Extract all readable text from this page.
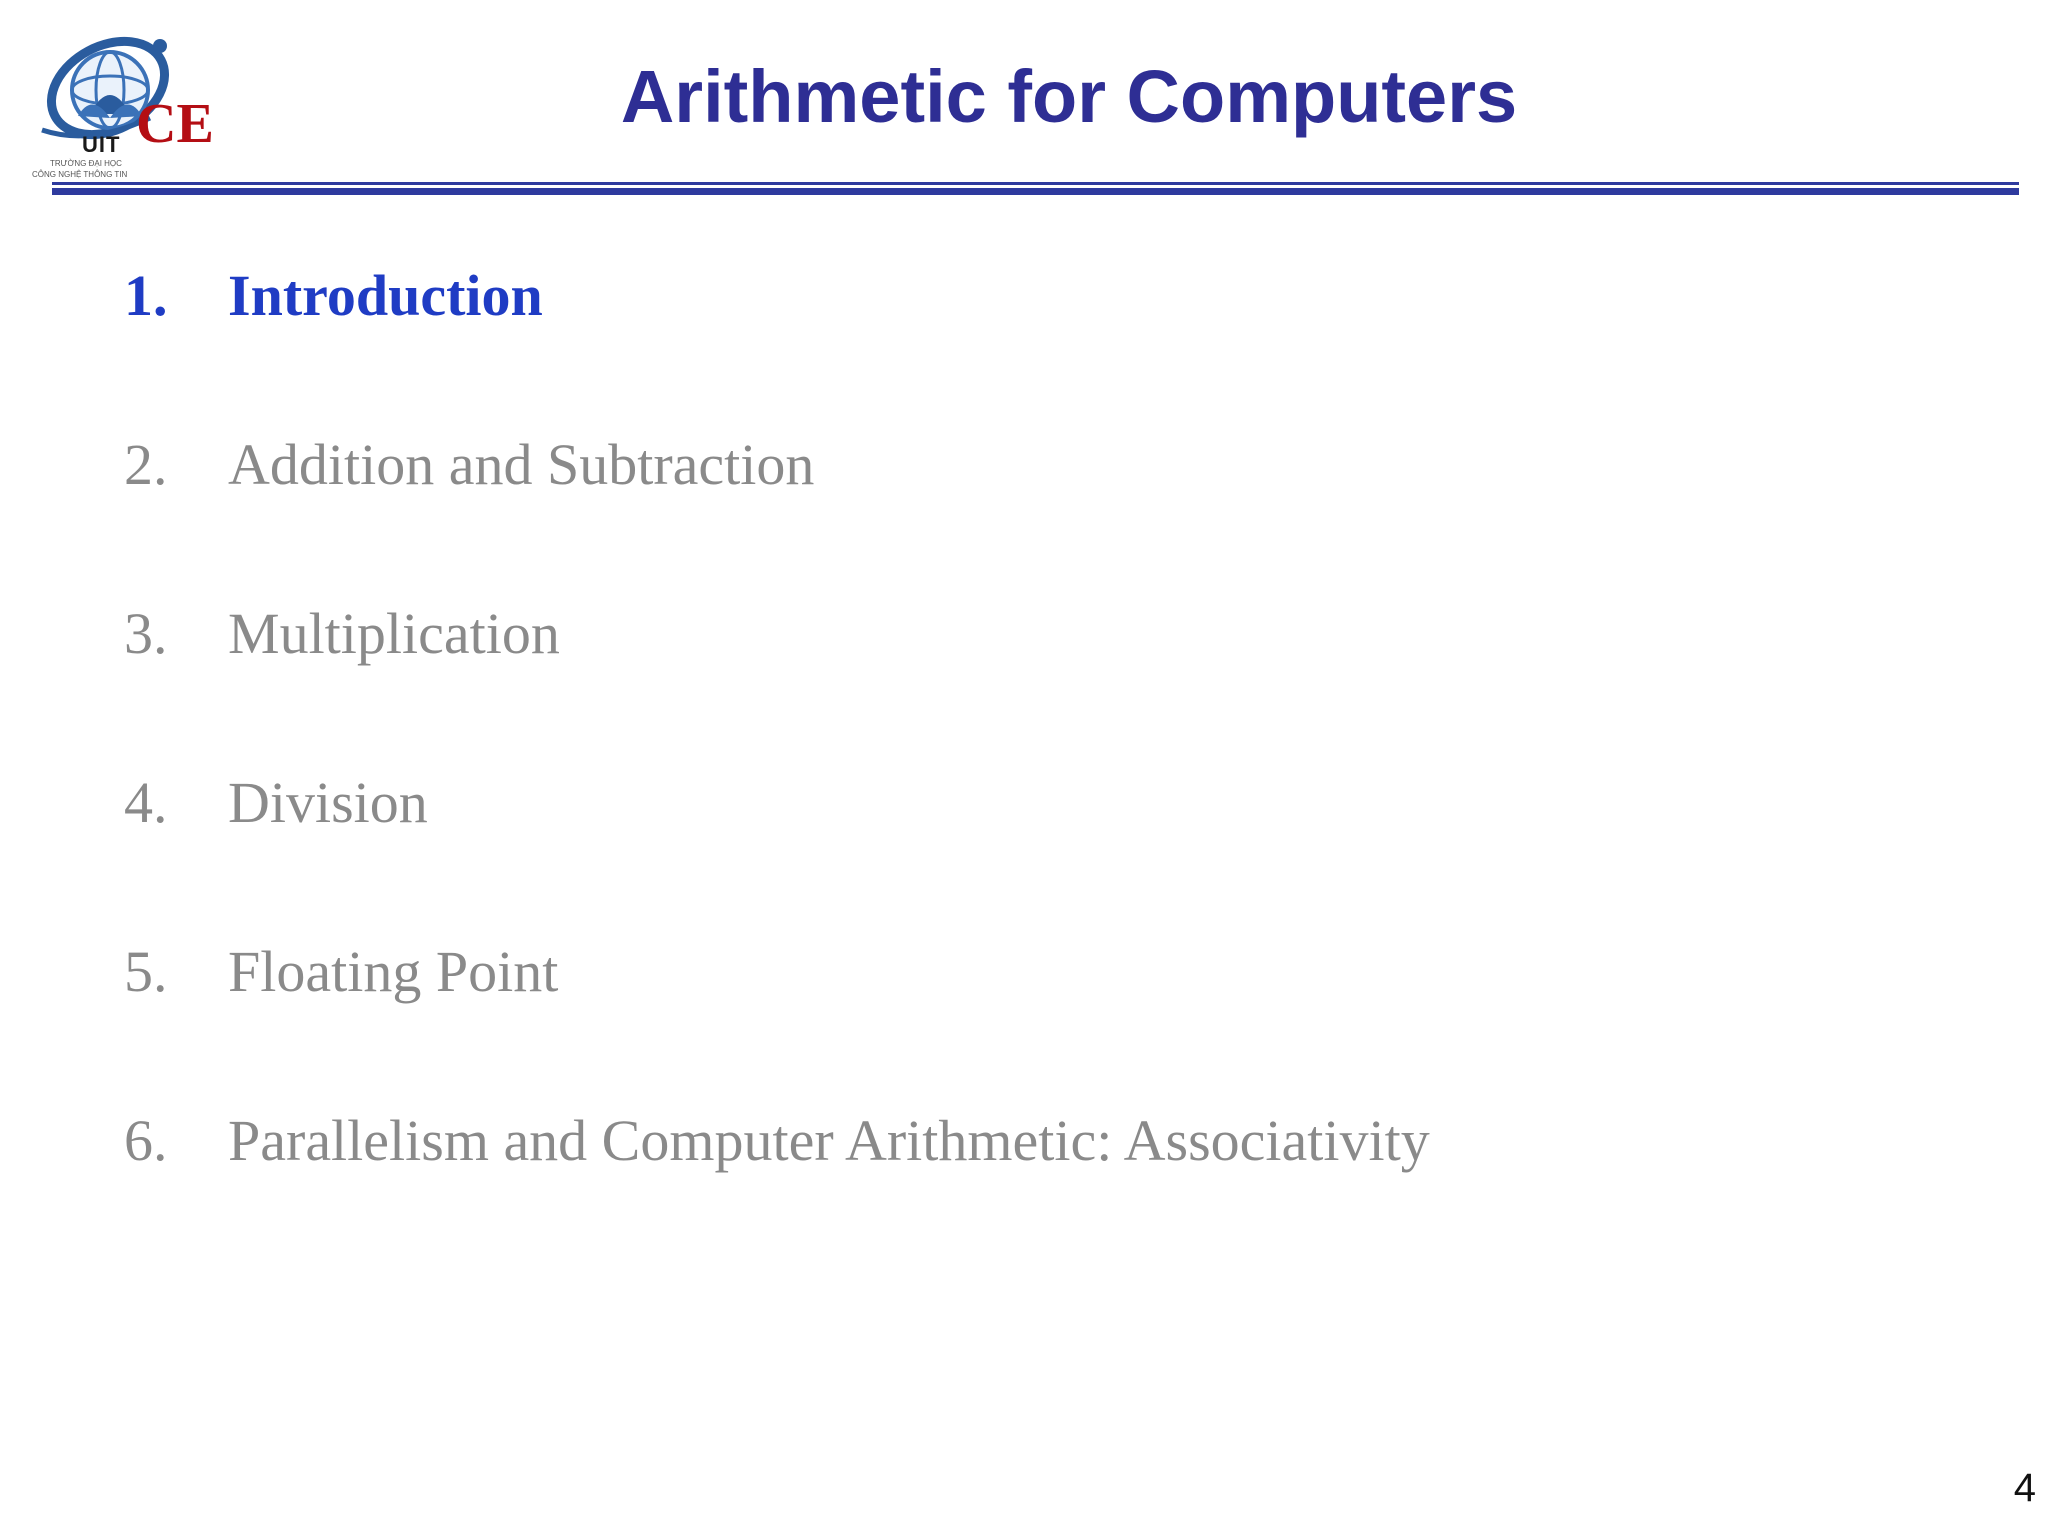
CE
UIT
TRƯỜNG ĐẠI HỌC
CÔNG NGHỆ THÔNG TIN
Arithmetic for Computers
1.	Introduction
2.	Addition and Subtraction
3.	Multiplication
4.	Division
5.	Floating Point
6.	Parallelism and Computer Arithmetic: Associativity
4
